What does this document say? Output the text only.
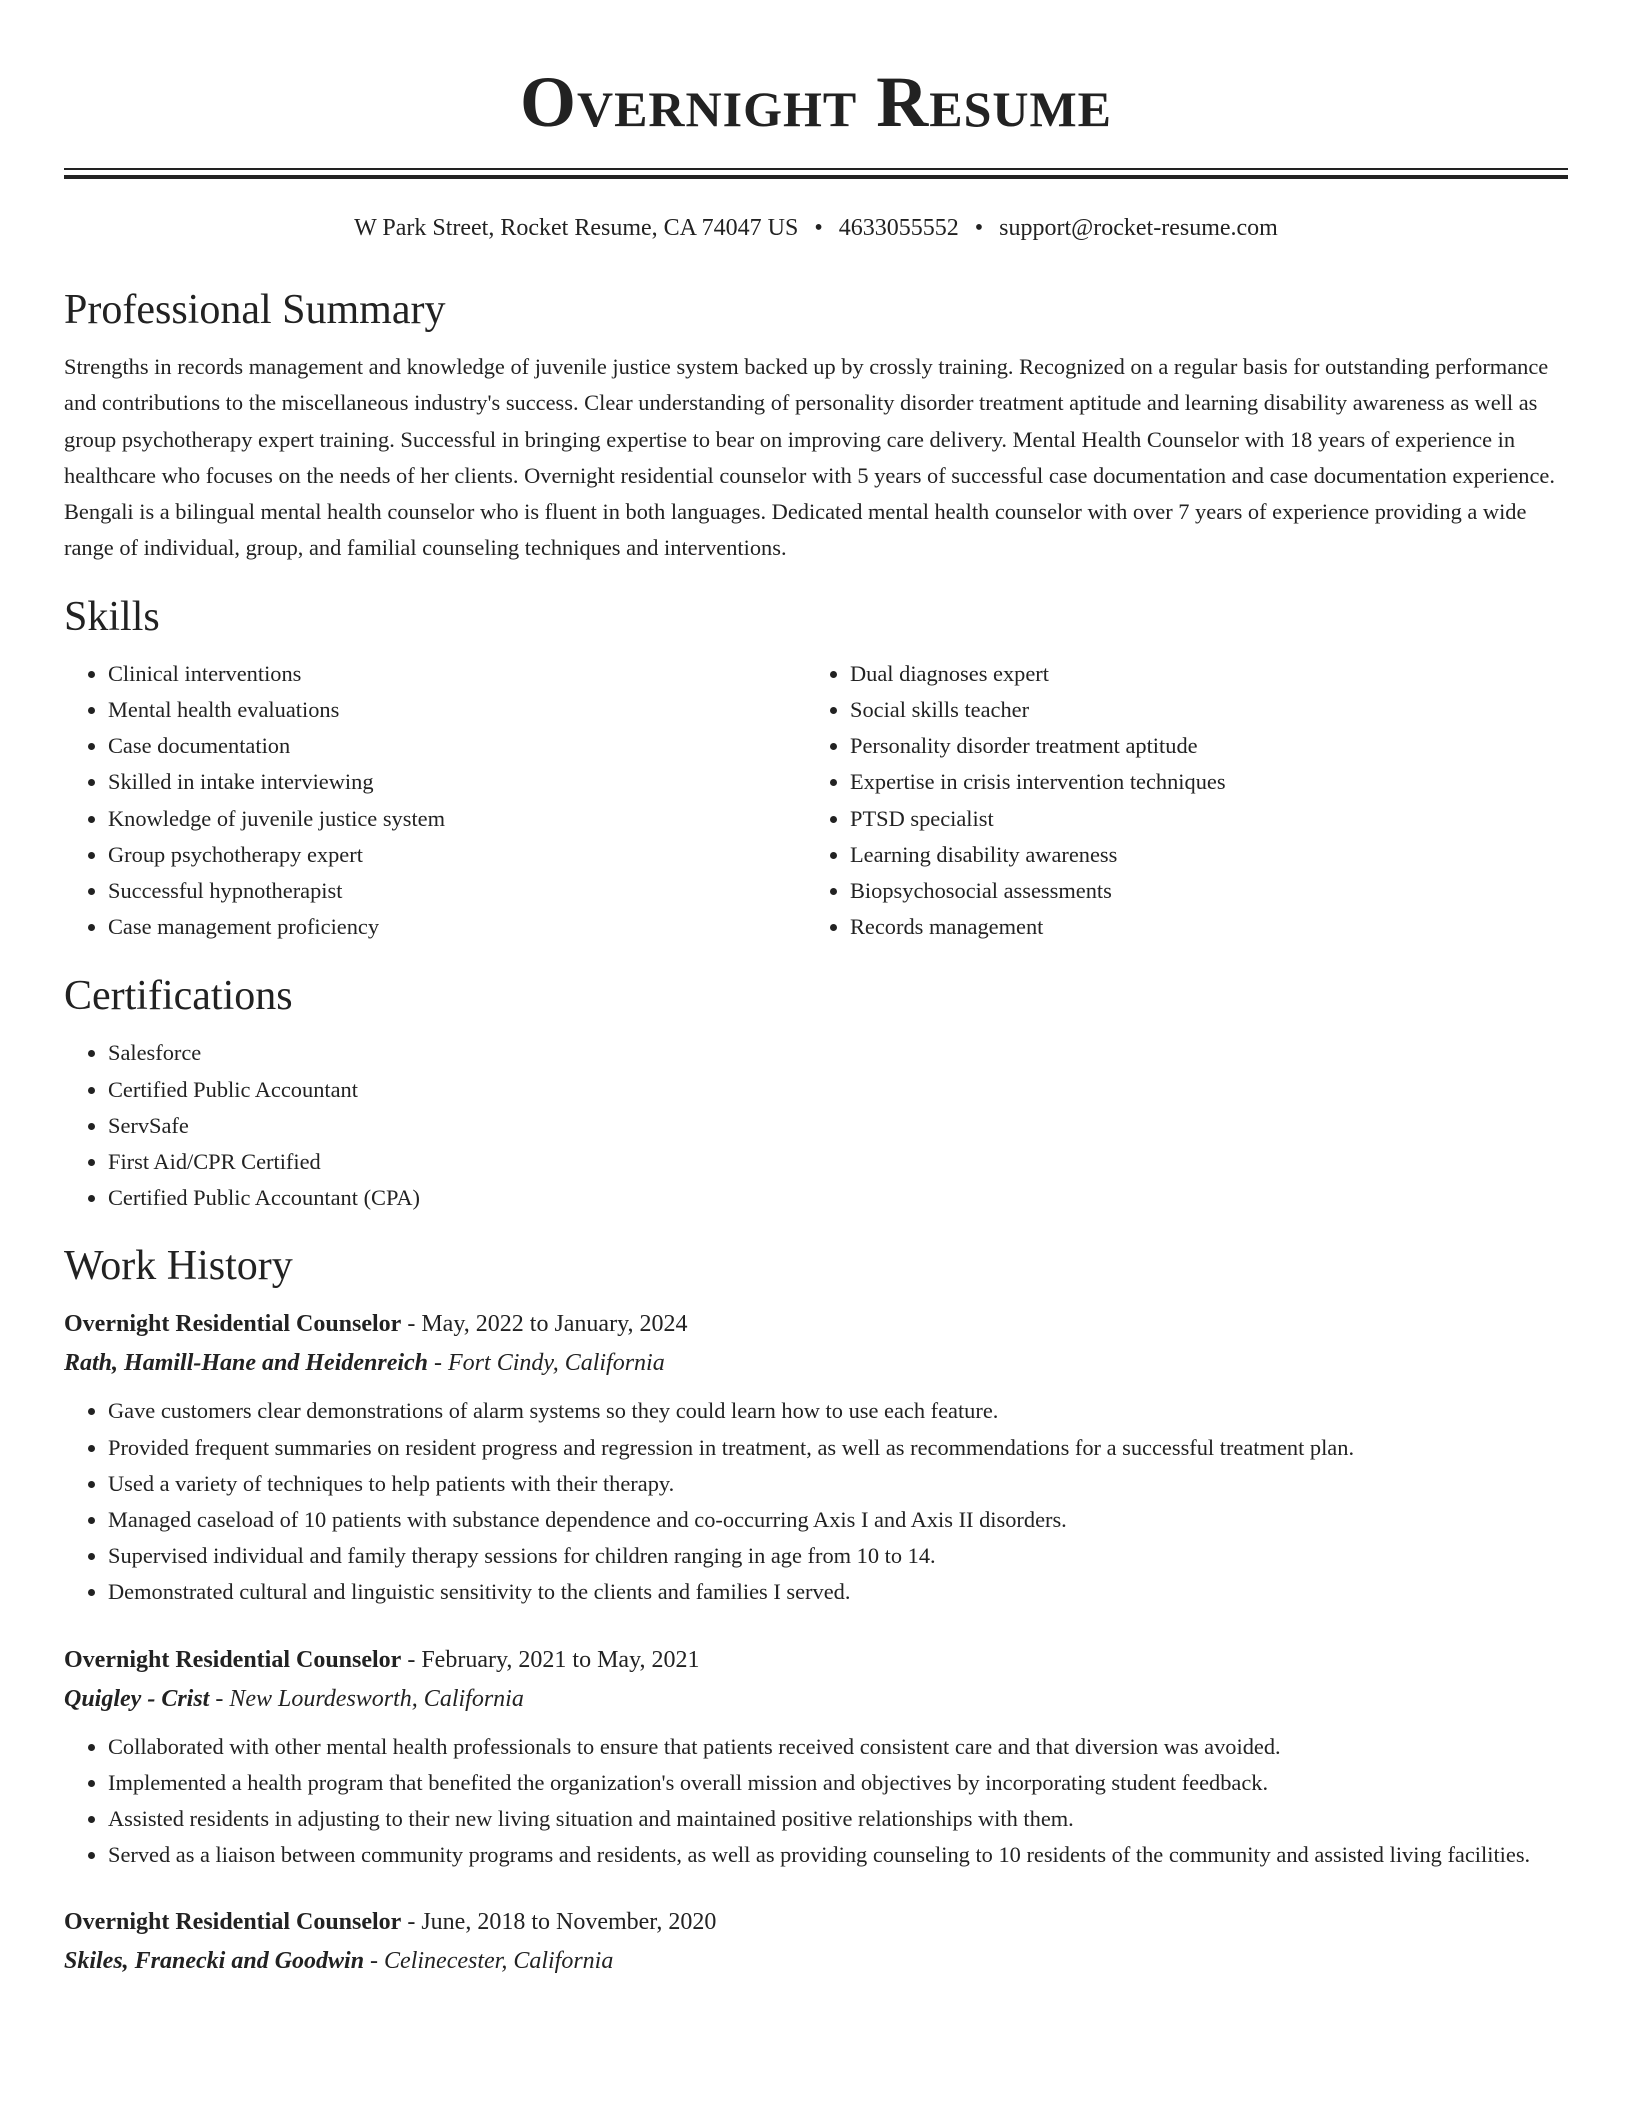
Overnight Resume
W Park Street, Rocket Resume, CA 74047 US • 4633055552 • support@rocket-resume.com
Professional Summary
Strengths in records management and knowledge of juvenile justice system backed up by crossly training. Recognized on a regular basis for outstanding performance and contributions to the miscellaneous industry's success. Clear understanding of personality disorder treatment aptitude and learning disability awareness as well as group psychotherapy expert training. Successful in bringing expertise to bear on improving care delivery. Mental Health Counselor with 18 years of experience in healthcare who focuses on the needs of her clients. Overnight residential counselor with 5 years of successful case documentation and case documentation experience. Bengali is a bilingual mental health counselor who is fluent in both languages. Dedicated mental health counselor with over 7 years of experience providing a wide range of individual, group, and familial counseling techniques and interventions.
Skills
• Clinical interventions
• Mental health evaluations
• Case documentation
• Skilled in intake interviewing
• Knowledge of juvenile justice system
• Group psychotherapy expert
• Successful hypnotherapist
• Case management proficiency
• Dual diagnoses expert
• Social skills teacher
• Personality disorder treatment aptitude
• Expertise in crisis intervention techniques
• PTSD specialist
• Learning disability awareness
• Biopsychosocial assessments
• Records management
Certifications
• Salesforce
• Certified Public Accountant
• ServSafe
• First Aid/CPR Certified
• Certified Public Accountant (CPA)
Work History
Overnight Residential Counselor - May, 2022 to January, 2024
Rath, Hamill-Hane and Heidenreich - Fort Cindy, California
• Gave customers clear demonstrations of alarm systems so they could learn how to use each feature.
• Provided frequent summaries on resident progress and regression in treatment, as well as recommendations for a successful treatment plan.
• Used a variety of techniques to help patients with their therapy.
• Managed caseload of 10 patients with substance dependence and co-occurring Axis I and Axis II disorders.
• Supervised individual and family therapy sessions for children ranging in age from 10 to 14.
• Demonstrated cultural and linguistic sensitivity to the clients and families I served.
Overnight Residential Counselor - February, 2021 to May, 2021
Quigley - Crist - New Lourdesworth, California
• Collaborated with other mental health professionals to ensure that patients received consistent care and that diversion was avoided.
• Implemented a health program that benefited the organization's overall mission and objectives by incorporating student feedback.
• Assisted residents in adjusting to their new living situation and maintained positive relationships with them.
• Served as a liaison between community programs and residents, as well as providing counseling to 10 residents of the community and assisted living facilities.
Overnight Residential Counselor - June, 2018 to November, 2020
Skiles, Franecki and Goodwin - Celinecester, California
